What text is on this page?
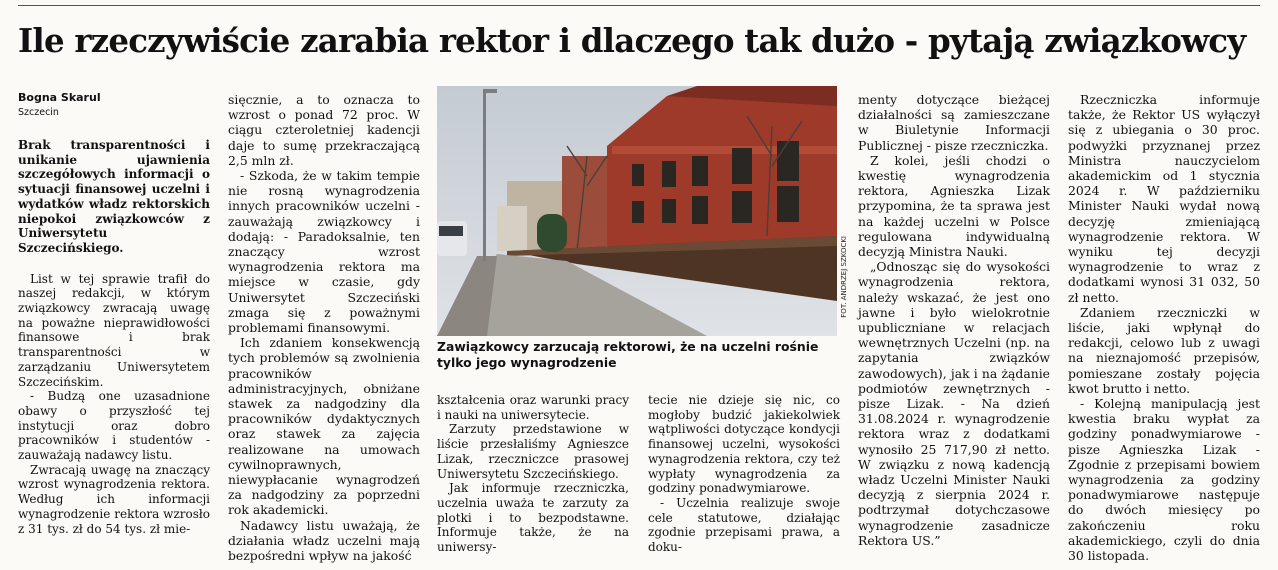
Ile rzeczywiście zarabia rektor i dlaczego tak dużo - pytają związkowcy
Bogna Skarul
Szczecin

Brak transparentności i unikanie ujawnienia szczegółowych informacji o sytuacji finansowej uczelni i wydatków władz rektorskich niepokoi związkowców z Uniwersytetu Szczecińskiego.

List w tej sprawie trafił do naszej redakcji, w którym związkowcy zwracają uwagę na poważne nieprawidłowości finansowe i brak transparentności w zarządzaniu Uniwersytetem Szczecińskim.

- Budzą one uzasadnione obawy o przyszłość tej instytucji oraz dobro pracowników i studentów - zauważają nadawcy listu.

Zwracają uwagę na znaczący wzrost wynagrodzenia rektora. Według ich informacji wynagrodzenie rektora wzrosło z 31 tys. zł do 54 tys. zł mie-

sięcznie, a to oznacza to wzrost o ponad 72 proc. W ciągu czteroletniej kadencji daje to sumę przekraczającą 2,5 mln zł.

- Szkoda, że w takim tempie nie rosną wynagrodzenia innych pracowników uczelni - zauważają związkowcy i dodają: - Paradoksalnie, ten znaczący wzrost wynagrodzenia rektora ma miejsce w czasie, gdy Uniwersytet Szczeciński zmaga się z poważnymi problemami finansowymi.

Ich zdaniem konsekwencją tych problemów są zwolnienia pracowników administracyjnych, obniżane stawek za nadgodziny dla pracowników dydaktycznych oraz stawek za zajęcia realizowane na umowach cywilnoprawnych, niewypłacanie wynagrodzeń za nadgodziny za poprzedni rok akademicki.

Nadawcy listu uważają, że działania władz uczelni mają bezpośredni wpływ na jakość

FOT. ANDRZEJ SZKOCKI
Zawiązkowcy zarzucają rektorowi, że na uczelni rośnie tylko jego wynagrodzenie

kształcenia oraz warunki pracy i nauki na uniwersytecie.

Zarzuty przedstawione w liście przesłaliśmy Agnieszce Lizak, rzeczniczce prasowej Uniwersytetu Szczecińskiego.

Jak informuje rzeczniczka, uczelnia uważa te zarzuty za plotki i to bezpodstawne. Informuje także, że na uniwersy-

tecie nie dzieje się nic, co mogłoby budzić jakiekolwiek wątpliwości dotyczące kondycji finansowej uczelni, wysokości wynagrodzenia rektora, czy też wypłaty wynagrodzenia za godziny ponadwymiarowe.

- Uczelnia realizuje swoje cele statutowe, działając zgodnie przepisami prawa, a doku-

menty dotyczące bieżącej działalności są zamieszczane w Biuletynie Informacji Publicznej - pisze rzeczniczka.

Z kolei, jeśli chodzi o kwestię wynagrodzenia rektora, Agnieszka Lizak przypomina, że ta sprawa jest na każdej uczelni w Polsce regulowana indywidualną decyzją Ministra Nauki.

„Odnosząc się do wysokości wynagrodzenia rektora, należy wskazać, że jest ono jawne i było wielokrotnie upubliczniane w relacjach wewnętrznych Uczelni (np. na zapytania związków zawodowych), jak i na żądanie podmiotów zewnętrznych - pisze Lizak. - Na dzień 31.08.2024 r. wynagrodzenie rektora wraz z dodatkami wynosiło 25 717,90 zł netto. W związku z nową kadencją władz Uczelni Minister Nauki decyzją z sierpnia 2024 r. podtrzymał dotychczasowe wynagrodzenie zasadnicze Rektora US.”

Rzeczniczka informuje także, że Rektor US wyłączył się z ubiegania o 30 proc. podwyżki przyznanej przez Ministra nauczycielom akademickim od 1 stycznia 2024 r. W październiku Minister Nauki wydał nową decyzję zmieniającą wynagrodzenie rektora. W wyniku tej decyzji wynagrodzenie to wraz z dodatkami wynosi 31 032, 50 zł netto.

Zdaniem rzeczniczki w liście, jaki wpłynął do redakcji, celowo lub z uwagi na nieznajomość przepisów, pomieszane zostały pojęcia kwot brutto i netto.

- Kolejną manipulacją jest kwestia braku wypłat za godziny ponadwymiarowe - pisze Agnieszka Lizak - Zgodnie z przepisami bowiem wynagrodzenia za godziny ponadwymiarowe następuje do dwóch miesięcy po zakończeniu roku akademickiego, czyli do dnia 30 listopada.
